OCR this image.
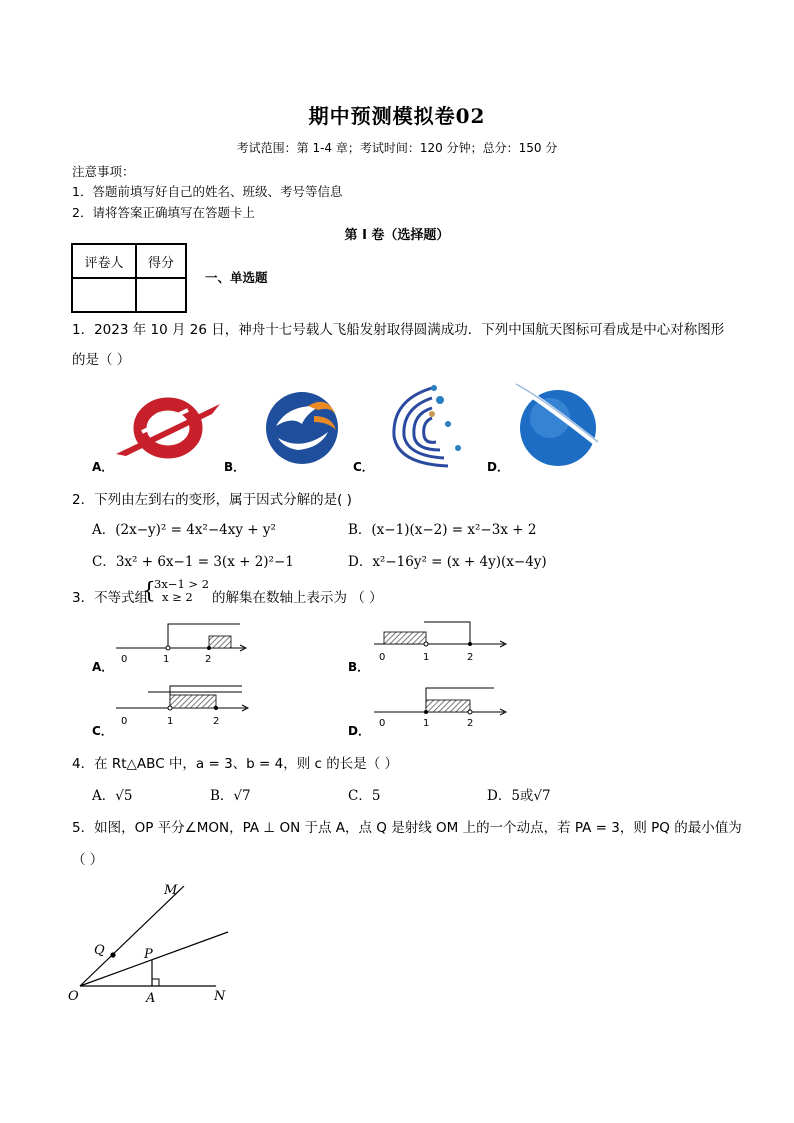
期中预测模拟卷02
考试范围：第 1-4 章；考试时间：120 分钟；总分：150 分
注意事项：
1．答题前填写好自己的姓名、班级、考号等信息
2．请将答案正确填写在答题卡上
第 I 卷（选择题）
评卷人	得分

一、单选题
1．2023 年 10 月 26 日，神舟十七号载人飞船发射取得圆满成功．下列中国航天图标可看成是中心对称图形
的是（ ）
A．	B．	C．	D．
2．下列由左到右的变形，属于因式分解的是( )
A．(2x−y)² = 4x²−4xy + y²	B．(x−1)(x−2) = x²−3x + 2
C．3x² + 6x−1 = 3(x + 2)²−1	D．x²−16y² = (x + 4y)(x−4y)
3．不等式组
{
3x−1 > 2
x ≥ 2	的解集在数轴上表示为 （ ）
A．
0	1	2
B．
0	1	2
C．
0	1	2
D．
0	1	2
4．在 Rt△ABC 中，a = 3、b = 4，则 c 的长是（ ）
A．√5	B．√7	C．5	D．5或√7
5．如图，OP 平分∠MON，PA ⊥ ON 于点 A，点 Q 是射线 OM 上的一个动点，若 PA = 3，则 PQ 的最小值为
（ ）
M
Q	P
O	A	N
